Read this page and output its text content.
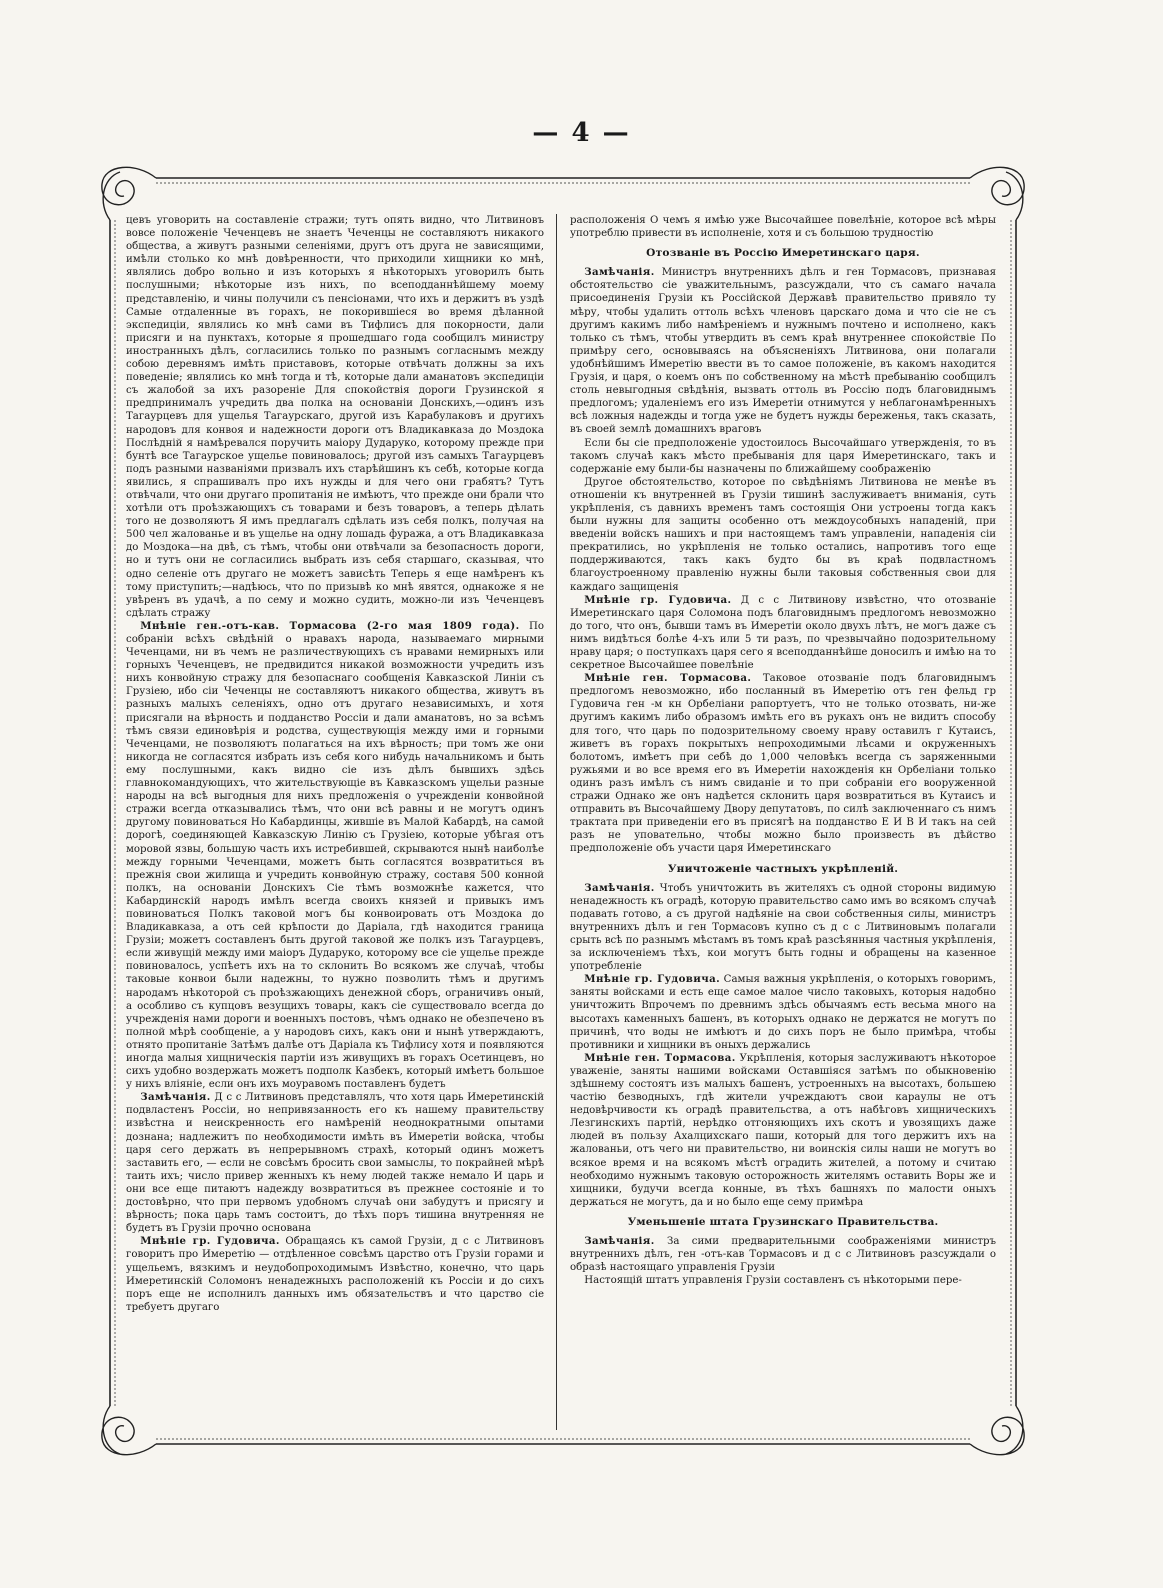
— 4 —

цевъ уговорить на составленіе стражи; тутъ опять видно, что Литвиновъ вовсе положеніе Чеченцевъ не знаетъ Чеченцы не составляютъ никакого общества, а живутъ разными селеніями, другъ отъ друга не зависящими, имѣли столько ко мнѣ довѣренности, что приходили хищники ко мнѣ, являлись добро вольно и изъ которыхъ я нѣкоторыхъ уговорилъ быть послушными; нѣкоторые изъ нихъ, по всеподданнѣйшему моему представленію, и чины получили съ пенсіонами, что ихъ и держитъ въ уздѣ Самые отдаленные въ горахъ, не покорившіеся во время дѣланной экспедиціи, являлись ко мнѣ сами въ Тифлисъ для покорности, дали присяги и на пунктахъ, которые я прошедшаго года сообщилъ министру иностранныхъ дѣлъ, согласились только по разнымъ согласнымъ между собою деревнямъ имѣть приставовъ, которые отвѣчать должны за ихъ поведеніе; являлись ко мнѣ тогда и тѣ, которые дали аманатовъ экспедиціи съ жалобой за ихъ разореніе Для спокойствія дороги Грузинской я предпринималъ учредить два полка на основаніи Донскихъ,—одинъ изъ Тагаурцевъ для ущелья Тагаурскаго, другой изъ Карабулаковъ и другихъ народовъ для конвоя и надежности дороги отъ Владикавказа до Моздока Послѣдній я намѣревался поручить маіору Дударуко, которому прежде при бунтѣ все Тагаурское ущелье повиновалось; другой изъ самыхъ Тагаурцевъ подъ разными названіями призвалъ ихъ старѣйшинъ къ себѣ, которые когда явились, я спрашивалъ про ихъ нужды и для чего они грабятъ? Тутъ отвѣчали, что они другаго пропитанія не имѣютъ, что прежде они брали что хотѣли отъ проѣзжающихъ съ товарами и безъ товаровъ, а теперь дѣлать того не дозволяютъ Я имъ предлагалъ сдѣлать изъ себя полкъ, получая на 500 чел жалованье и въ ущелье на одну лошадь фуража, а отъ Владикавказа до Моздока—на двѣ, съ тѣмъ, чтобы они отвѣчали за безопасность дороги, но и тутъ они не согласились выбрать изъ себя старшаго, сказывая, что одно селеніе отъ другаго не можетъ зависѣть Теперь я еще намѣренъ къ тому приступить;—надѣюсь, что по призывѣ ко мнѣ явятся, однакоже я не увѣренъ въ удачѣ, а по сему и можно судить, можно-ли изъ Чеченцевъ сдѣлать стражу

Мнѣніе ген.-отъ-кав. Тормасова (2-го мая 1809 года). По собраніи всѣхъ свѣдѣній о нравахъ народа, называемаго мирными Чеченцами, ни въ чемъ не различествующихъ съ нравами немирныхъ или горныхъ Чеченцевъ, не предвидится никакой возможности учредить изъ нихъ конвойную стражу для безопаснаго сообщенія Кавказской Линіи съ Грузіею, ибо сіи Чеченцы не составляютъ никакого общества, живутъ въ разныхъ малыхъ селеніяхъ, одно отъ другаго независимыхъ, и хотя присягали на вѣрность и подданство Россіи и дали аманатовъ, но за всѣмъ тѣмъ связи единовѣрія и родства, существующія между ими и горными Чеченцами, не позволяютъ полагаться на ихъ вѣрность; при томъ же они никогда не согласятся избрать изъ себя кого нибудь начальникомъ и быть ему послушными, какъ видно сіе изъ дѣлъ бывшихъ здѣсь главнокомандующихъ, что жительствующіе въ Кавказскомъ ущельи разные народы на всѣ выгодныя для нихъ предложенія о учрежденіи конвойной стражи всегда отказывались тѣмъ, что они всѣ равны и не могутъ одинъ другому повиноваться Но Кабардинцы, жившіе въ Малой Кабардѣ, на самой дорогѣ, соединяющей Кавказскую Линію съ Грузіею, которые убѣгая отъ моровой язвы, большую часть ихъ истребившей, скрываются нынѣ наиболѣе между горными Чеченцами, можетъ быть согласятся возвратиться въ прежнія свои жилища и учредить конвойную стражу, составя 500 конной полкъ, на основаніи Донскихъ Сіе тѣмъ возможнѣе кажется, что Кабардинскій народъ имѣлъ всегда своихъ князей и привыкъ имъ повиноваться Полкъ таковой могъ бы конвоировать отъ Моздока до Владикавказа, а отъ сей крѣпости до Даріала, гдѣ находится граница Грузіи; можетъ составленъ быть другой таковой же полкъ изъ Тагаурцевъ, если живущій между ими маіоръ Дударуко, которому все сіе ущелье прежде повиновалось, успѣетъ ихъ на то склонить Во всякомъ же случаѣ, чтобы таковые конвои были надежны, то нужно позволить тѣмъ и другимъ народамъ нѣкоторой съ проѣзжающихъ денежной сборъ, ограничивъ оный, а особливо съ купцовъ везущихъ товары, какъ сіе существовало всегда до учрежденія нами дороги и военныхъ постовъ, чѣмъ однако не обезпечено въ полной мѣрѣ сообщеніе, а у народовъ сихъ, какъ они и нынѣ утверждаютъ, отнято пропитаніе Затѣмъ далѣе отъ Даріала къ Тифлису хотя и появляются иногда малыя хищническія партіи изъ живущихъ въ горахъ Осетинцевъ, но сихъ удобно воздержать можетъ подполк Казбекъ, который имѣетъ большое у нихъ вліяніе, если онъ ихъ моуравомъ поставленъ будетъ

Замѣчанія. Д с с Литвиновъ представлялъ, что хотя царь Имеретинскій подвластенъ Россіи, но непривязанность его къ нашему правительству извѣстна и неискренность его намѣреній неоднократными опытами дознана; надлежитъ по необходимости имѣть въ Имеретіи войска, чтобы царя сего держать въ непрерывномъ страхѣ, который одинъ можетъ заставить его, — если не совсѣмъ бросить свои замыслы, то покрайней мѣрѣ таить ихъ; число привер женныхъ къ нему людей также немало И царь и они все еще питаютъ надежду возвратиться въ прежнее состояніе и то достовѣрно, что при первомъ удобномъ случаѣ они забудутъ и присягу и вѣрность; пока царь тамъ состоитъ, до тѣхъ поръ тишина внутренняя не будетъ въ Грузіи прочно основана

Мнѣніе гр. Гудовича. Обращаясь къ самой Грузіи, д с с Литвиновъ говоритъ про Имеретію — отдѣленное совсѣмъ царство отъ Грузіи горами и ущельемъ, вязкимъ и неудобопроходимымъ Извѣстно, конечно, что царь Имеретинскій Соломонъ ненадежныхъ расположеній къ Россіи и до сихъ поръ еще не исполнилъ данныхъ имъ обязательствъ и что царство сіе требуетъ другаго

расположенія О чемъ я имѣю уже Высочайшее повелѣніе, которое всѣ мѣры употреблю привести въ исполненіе, хотя и съ большою трудностію

Отозваніе въ Россію Имеретинскаго царя.

Замѣчанія. Министръ внутреннихъ дѣлъ и ген Тормасовъ, признавая обстоятельство сіе уважительнымъ, разсуждали, что съ самаго начала присоединенія Грузіи къ Россійской Державѣ правительство привяло ту мѣру, чтобы удалить оттоль всѣхъ членовъ царскаго дома и что сіе не съ другимъ какимъ либо намѣреніемъ и нужнымъ почтено и исполнено, какъ только съ тѣмъ, чтобы утвердить въ семъ краѣ внутреннее спокойствіе По примѣру сего, основываясь на объясненіяхъ Литвинова, они полагали удобнѣйшимъ Имеретію ввести въ то самое положеніе, въ какомъ находится Грузія, и царя, о коемъ онъ по собственному на мѣстѣ пребыванію сообщилъ столь невыгодныя свѣдѣнія, вызвать оттоль въ Россію подъ благовиднымъ предлогомъ; удаленіемъ его изъ Имеретіи отнимутся у неблагонамѣренныхъ всѣ ложныя надежды и тогда уже не будетъ нужды береженья, такъ сказать, въ своей землѣ домашнихъ враговъ

Если бы сіе предположеніе удостоилось Высочайшаго утвержденія, то въ такомъ случаѣ какъ мѣсто пребыванія для царя Имеретинскаго, такъ и содержаніе ему были-бы назначены по ближайшему соображенію

Другое обстоятельство, которое по свѣдѣніямъ Литвинова не менѣе въ отношеніи къ внутренней въ Грузіи тишинѣ заслуживаетъ вниманія, суть укрѣпленія, съ давнихъ временъ тамъ состоящія Они устроены тогда какъ были нужны для защиты особенно отъ междоусобныхъ нападеній, при введеніи войскъ нашихъ и при настоящемъ тамъ управленіи, нападенія сіи прекратились, но укрѣпленія не только остались, напротивъ того еще поддерживаются, такъ какъ будто бы въ краѣ подвластномъ благоустроенному правленію нужны были таковыя собственныя свои для каждаго защищенія

Мнѣніе гр. Гудовича. Д с с Литвинову извѣстно, что отозваніе Имеретинскаго царя Соломона подъ благовиднымъ предлогомъ невозможно до того, что онъ, бывши тамъ въ Имеретіи около двухъ лѣтъ, не могъ даже съ нимъ видѣться болѣе 4-хъ или 5 ти разъ, по чрезвычайно подозрительному нраву царя; о поступкахъ царя сего я всеподданнѣйше доносилъ и имѣю на то секретное Высочайшее повелѣніе

Мнѣніе ген. Тормасова. Таковое отозваніе подъ благовиднымъ предлогомъ невозможно, ибо посланный въ Имеретію отъ ген фельд гр Гудовича ген -м кн Орбеліани рапортуетъ, что не только отозвать, ни-же другимъ какимъ либо образомъ имѣть его въ рукахъ онъ не видитъ способу для того, что царь по подозрительному своему нраву оставилъ г Кутаисъ, живетъ въ горахъ покрытыхъ непроходимыми лѣсами и окруженныхъ болотомъ, имѣетъ при себѣ до 1,000 человѣкъ всегда съ заряженными ружьями и во все время его въ Имеретіи нахожденія кн Орбеліани только одинъ разъ имѣлъ съ нимъ свиданіе и то при собраніи его вооруженной стражи Однако же онъ надѣется склонить царя возвратиться въ Кутаисъ и отправить въ Высочайшему Двору депутатовъ, по силѣ заключеннаго съ нимъ трактата при приведеніи его въ присягѣ на подданство Е И В И такъ на сей разъ не уповательно, чтобы можно было произвесть въ дѣйство предположеніе объ участи царя Имеретинскаго

Уничтоженіе частныхъ укрѣпленій.

Замѣчанія. Чтобъ уничтожить въ жителяхъ съ одной стороны видимую ненадежность къ оградѣ, которую правительство само имъ во всякомъ случаѣ подавать готово, а съ другой надѣяніе на свои собственныя силы, министръ внутреннихъ дѣлъ и ген Тормасовъ купно съ д с с Литвиновымъ полагали срыть всѣ по разнымъ мѣстамъ въ томъ краѣ разсѣянныя частныя укрѣпленія, за исключеніемъ тѣхъ, кои могутъ быть годны и обращены на казенное употребленіе

Мнѣніе гр. Гудовича. Самыя важныя укрѣпленія, о которыхъ говоримъ, заняты войсками и есть еще самое малое число таковыхъ, которыя надобно уничтожить Впрочемъ по древнимъ здѣсь обычаямъ есть весьма много на высотахъ каменныхъ башенъ, въ которыхъ однако не держатся не могутъ по причинѣ, что воды не имѣютъ и до сихъ поръ не было примѣра, чтобы противники и хищники въ оныхъ держались

Мнѣніе ген. Тормасова. Укрѣпленія, которыя заслуживаютъ нѣкоторое уваженіе, заняты нашими войсками Оставшіяся затѣмъ по обыкновенію здѣшнему состоятъ изъ малыхъ башенъ, устроенныхъ на высотахъ, большею частію безводныхъ, гдѣ жители учреждаютъ свои караулы не отъ недовѣрчивости къ оградѣ правительства, а отъ набѣговъ хищническихъ Лезгинскихъ партій, нерѣдко отгоняющихъ ихъ скотъ и увозящихъ даже людей въ пользу Ахалцихскаго паши, который для того держитъ ихъ на жалованьи, отъ чего ни правительство, ни воинскія силы наши не могутъ во всякое время и на всякомъ мѣстѣ оградить жителей, а потому и считаю необходимо нужнымъ таковую осторожность жителямъ оставить Воры же и хищники, будучи всегда конные, въ тѣхъ башняхъ по малости оныхъ держаться не могутъ, да и но было еще сему примѣра

Уменьшеніе штата Грузинскаго Правительства.

Замѣчанія. За сими предварительными соображеніями министръ внутреннихъ дѣлъ, ген -отъ-кав Тормасовъ и д с с Литвиновъ разсуждали о образѣ настоящаго управленія Грузіи

Настоящій штатъ управленія Грузіи составленъ съ нѣкоторыми пере-
